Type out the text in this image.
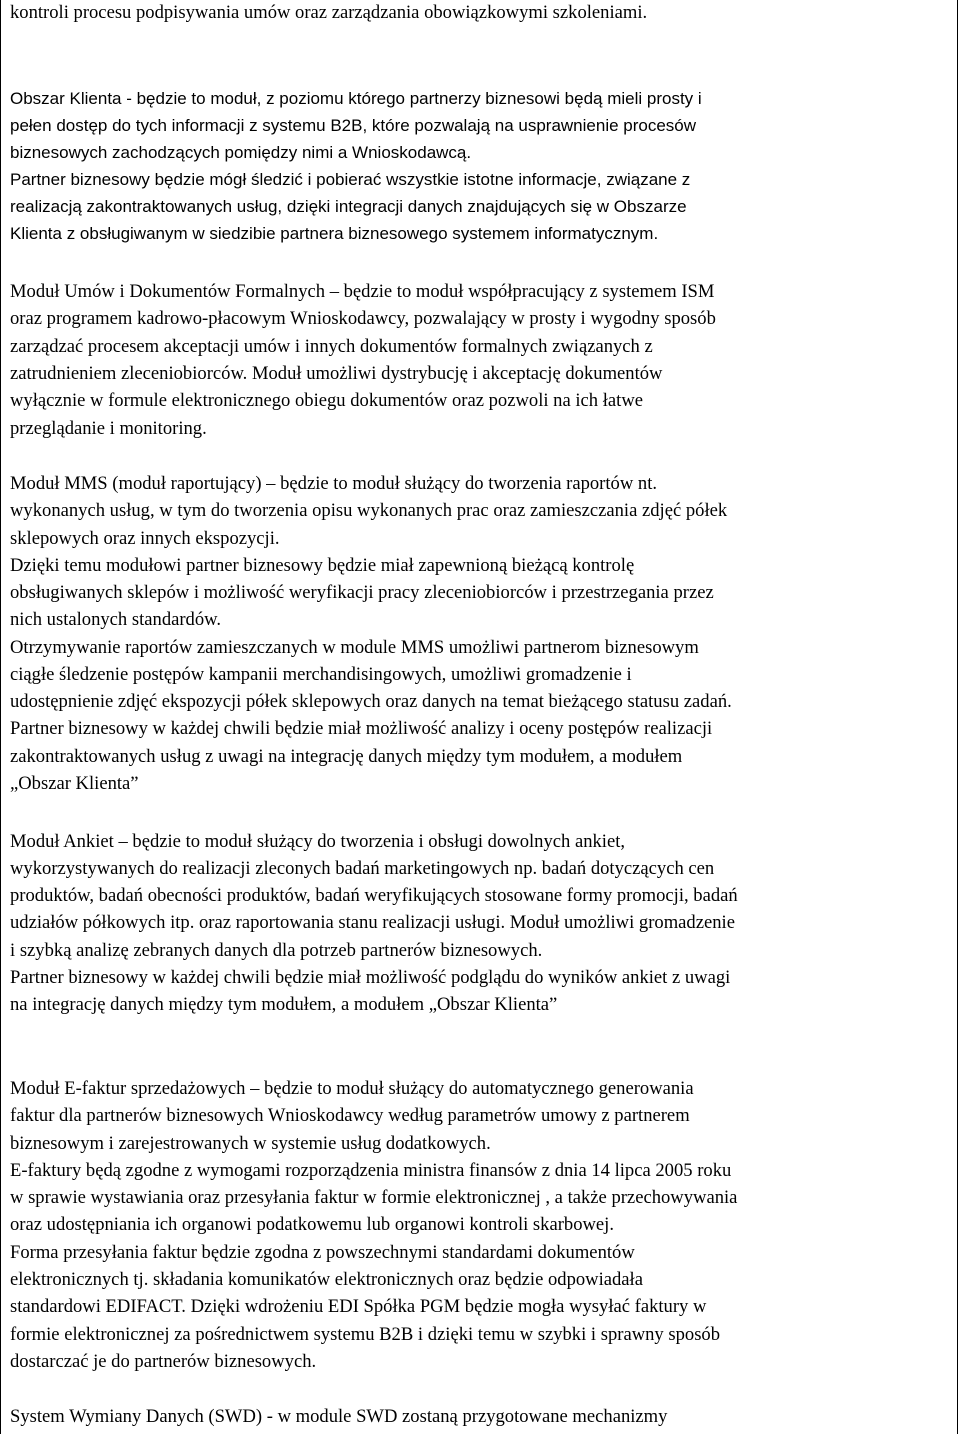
kontroli procesu podpisywania umów oraz zarządzania obowiązkowymi szkoleniami.
Obszar Klienta - będzie to moduł, z poziomu którego partnerzy biznesowi będą mieli prosty i
pełen dostęp do tych informacji z systemu B2B, które pozwalają na usprawnienie procesów
biznesowych zachodzących pomiędzy nimi a Wnioskodawcą.
Partner biznesowy będzie mógł śledzić i pobierać wszystkie istotne informacje, związane z
realizacją zakontraktowanych usług, dzięki integracji danych znajdujących się w Obszarze
Klienta z obsługiwanym w siedzibie partnera biznesowego systemem informatycznym.
Moduł Umów i Dokumentów Formalnych – będzie to moduł współpracujący z systemem ISM
oraz programem kadrowo-płacowym Wnioskodawcy, pozwalający w prosty i wygodny sposób
zarządzać procesem akceptacji umów i innych dokumentów formalnych związanych z
zatrudnieniem zleceniobiorców. Moduł umożliwi dystrybucję i akceptację dokumentów
wyłącznie w formule elektronicznego obiegu dokumentów oraz pozwoli na ich łatwe
przeglądanie i monitoring.
Moduł MMS (moduł raportujący) – będzie to moduł służący do tworzenia raportów nt.
wykonanych usług, w tym do tworzenia opisu wykonanych prac oraz zamieszczania zdjęć półek
sklepowych oraz innych ekspozycji.
Dzięki temu modułowi partner biznesowy będzie miał zapewnioną bieżącą kontrolę
obsługiwanych sklepów i możliwość weryfikacji pracy zleceniobiorców i przestrzegania przez
nich ustalonych standardów.
Otrzymywanie raportów zamieszczanych w module MMS umożliwi partnerom biznesowym
ciągłe śledzenie postępów kampanii merchandisingowych, umożliwi gromadzenie i
udostępnienie zdjęć ekspozycji półek sklepowych oraz danych na temat bieżącego statusu zadań.
Partner biznesowy w każdej chwili będzie miał możliwość analizy i oceny postępów realizacji
zakontraktowanych usług z uwagi na integrację danych między tym modułem, a modułem
„Obszar Klienta”
Moduł Ankiet – będzie to moduł służący do tworzenia i obsługi dowolnych ankiet,
wykorzystywanych do realizacji zleconych badań marketingowych np. badań dotyczących cen
produktów, badań obecności produktów, badań weryfikujących stosowane formy promocji, badań
udziałów półkowych itp. oraz raportowania stanu realizacji usługi. Moduł umożliwi gromadzenie
i szybką analizę zebranych danych dla potrzeb partnerów biznesowych.
Partner biznesowy w każdej chwili będzie miał możliwość podglądu do wyników ankiet z uwagi
na integrację danych między tym modułem, a modułem „Obszar Klienta”
Moduł E-faktur sprzedażowych – będzie to moduł służący do automatycznego generowania
faktur dla partnerów biznesowych Wnioskodawcy według parametrów umowy z partnerem
biznesowym i zarejestrowanych w systemie usług dodatkowych.
E-faktury będą zgodne z wymogami rozporządzenia ministra finansów z dnia 14 lipca 2005 roku
w sprawie wystawiania oraz przesyłania faktur w formie elektronicznej , a także przechowywania
oraz udostępniania ich organowi podatkowemu lub organowi kontroli skarbowej.
Forma przesyłania faktur będzie zgodna z powszechnymi standardami dokumentów
elektronicznych tj. składania komunikatów elektronicznych oraz będzie odpowiadała
standardowi EDIFACT. Dzięki wdrożeniu EDI Spółka PGM będzie mogła wysyłać faktury w
formie elektronicznej za pośrednictwem systemu B2B i dzięki temu w szybki i sprawny sposób
dostarczać je do partnerów biznesowych.
System Wymiany Danych (SWD) - w module SWD zostaną przygotowane mechanizmy
